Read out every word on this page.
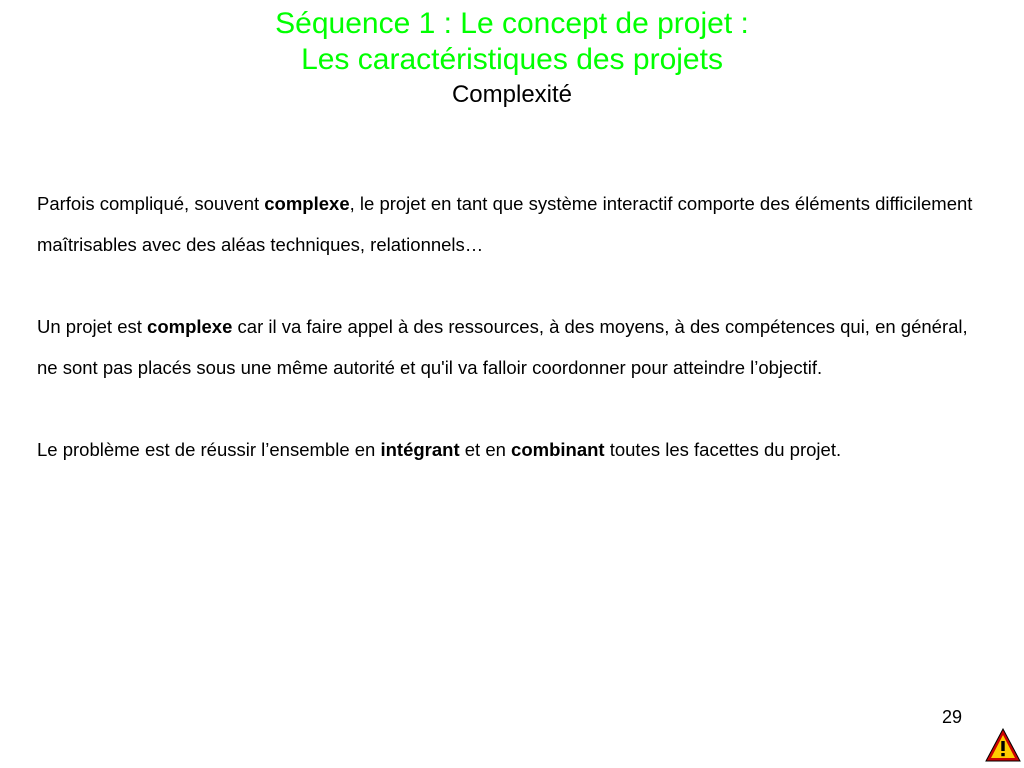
Séquence 1 : Le concept de projet :
Les caractéristiques des projets
Complexité

Parfois compliqué, souvent complexe, le projet en tant que système interactif comporte des éléments difficilement maîtrisables avec des aléas techniques, relationnels…

Un projet est complexe car il va faire appel à des ressources, à des moyens, à des compétences qui, en général, ne sont pas placés sous une même autorité et qu'il va falloir coordonner pour atteindre l’objectif.

Le problème est de réussir l’ensemble en intégrant et en combinant toutes les facettes du projet.

29
